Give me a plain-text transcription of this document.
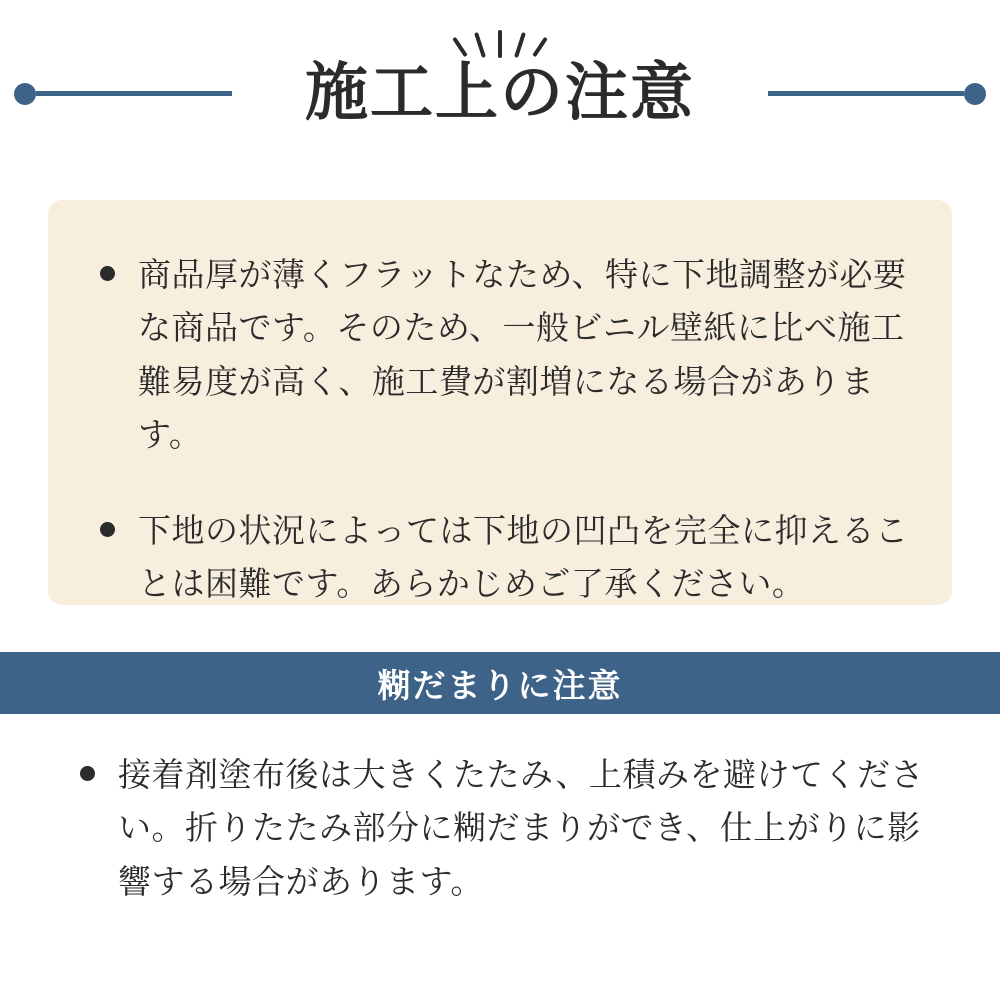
施工上の注意
商品厚が薄くフラットなため、特に下地調整が必要な商品です。そのため、一般ビニル壁紙に比べ施工難易度が高く、施工費が割増になる場合があります。
下地の状況によっては下地の凹凸を完全に抑えることは困難です。あらかじめご了承ください。
糊だまりに注意
接着剤塗布後は大きくたたみ、上積みを避けてください。折りたたみ部分に糊だまりができ、仕上がりに影響する場合があります。
